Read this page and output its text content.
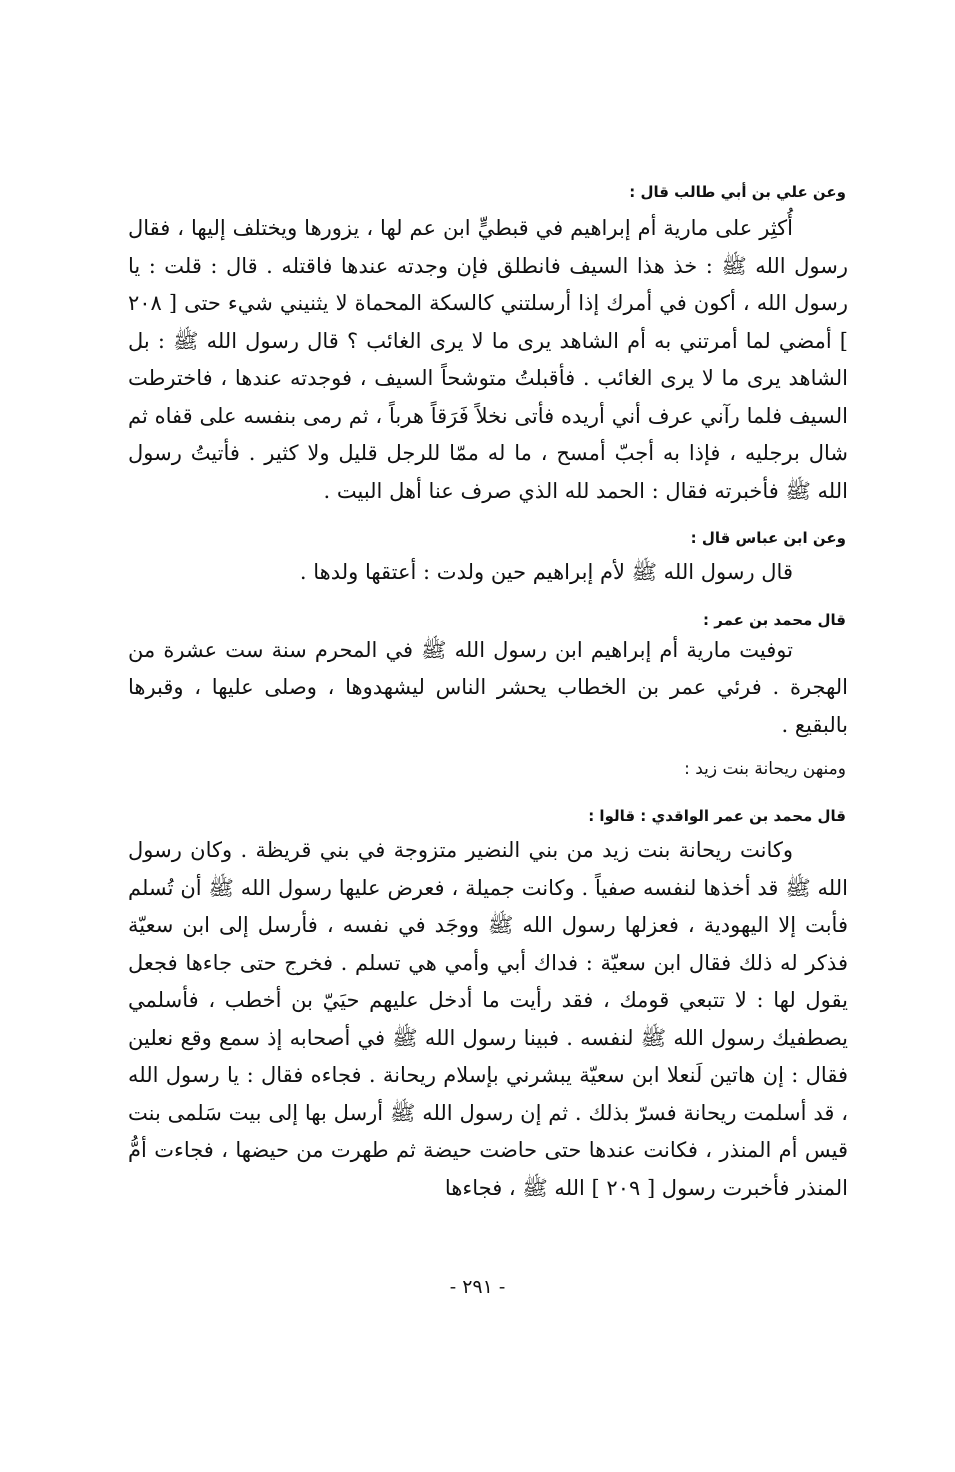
وعن علي بن أبي طالب قال :

أُكثِر على مارية أم إبراهيم في قبطيٍّ ابن عم لها ، يزورها ويختلف إليها ، فقال رسول الله ﷺ : خذ هذا السيف فانطلق فإن وجدته عندها فاقتله . قال : قلت : يا رسول الله ، أكون في أمرك إذا أرسلتني كالسكة المحماة لا يثنيني شيء حتى [ ٢٠٨ ] أمضي لما أمرتني به أم الشاهد يرى ما لا يرى الغائب ؟ قال رسول الله ﷺ : بل الشاهد يرى ما لا يرى الغائب . فأقبلتُ متوشحاً السيف ، فوجدته عندها ، فاخترطت السيف فلما رآني عرف أني أريده فأتى نخلاً فَرَقاً هرباً ، ثم رمى بنفسه على قفاه ثم شال برجليه ، فإذا به أجبّ أمسح ، ما له ممّا للرجل قليل ولا كثير . فأتيتُ رسول الله ﷺ فأخبرته فقال : الحمد لله الذي صرف عنا أهل البيت .

وعن ابن عباس قال :

قال رسول الله ﷺ لأم إبراهيم حين ولدت : أعتقها ولدها .

قال محمد بن عمر :

توفيت مارية أم إبراهيم ابن رسول الله ﷺ في المحرم سنة ست عشرة من الهجرة . فرئي عمر بن الخطاب يحشر الناس ليشهدوها ، وصلى عليها ، وقبرها بالبقيع .

ومنهن ريحانة بنت زيد :

قال محمد بن عمر الواقدي : قالوا :

وكانت ريحانة بنت زيد من بني النضير متزوجة في بني قريظة . وكان رسول الله ﷺ قد أخذها لنفسه صفياً . وكانت جميلة ، فعرض عليها رسول الله ﷺ أن تُسلم فأبت إلا اليهودية ، فعزلها رسول الله ﷺ ووجَد في نفسه ، فأرسل إلى ابن سعيّة فذكر له ذلك فقال ابن سعيّة : فداك أبي وأمي هي تسلم . فخرج حتى جاءها فجعل يقول لها : لا تتبعي قومك ، فقد رأيت ما أدخل عليهم حيَيّ بن أخطب ، فأسلمي يصطفيك رسول الله ﷺ لنفسه . فبينا رسول الله ﷺ في أصحابه إذ سمع وقع نعلين فقال : إن هاتين لَنعلا ابن سعيّة يبشرني بإسلام ريحانة . فجاءه فقال : يا رسول الله ، قد أسلمت ريحانة فسرّ بذلك . ثم إن رسول الله ﷺ أرسل بها إلى بيت سَلمى بنت قيس أم المنذر ، فكانت عندها حتى حاضت حيضة ثم طهرت من حيضها ، فجاءت أمُّ المنذر فأخبرت رسول [ ٢٠٩ ] الله ﷺ ، فجاءها

- ٢٩١ -
